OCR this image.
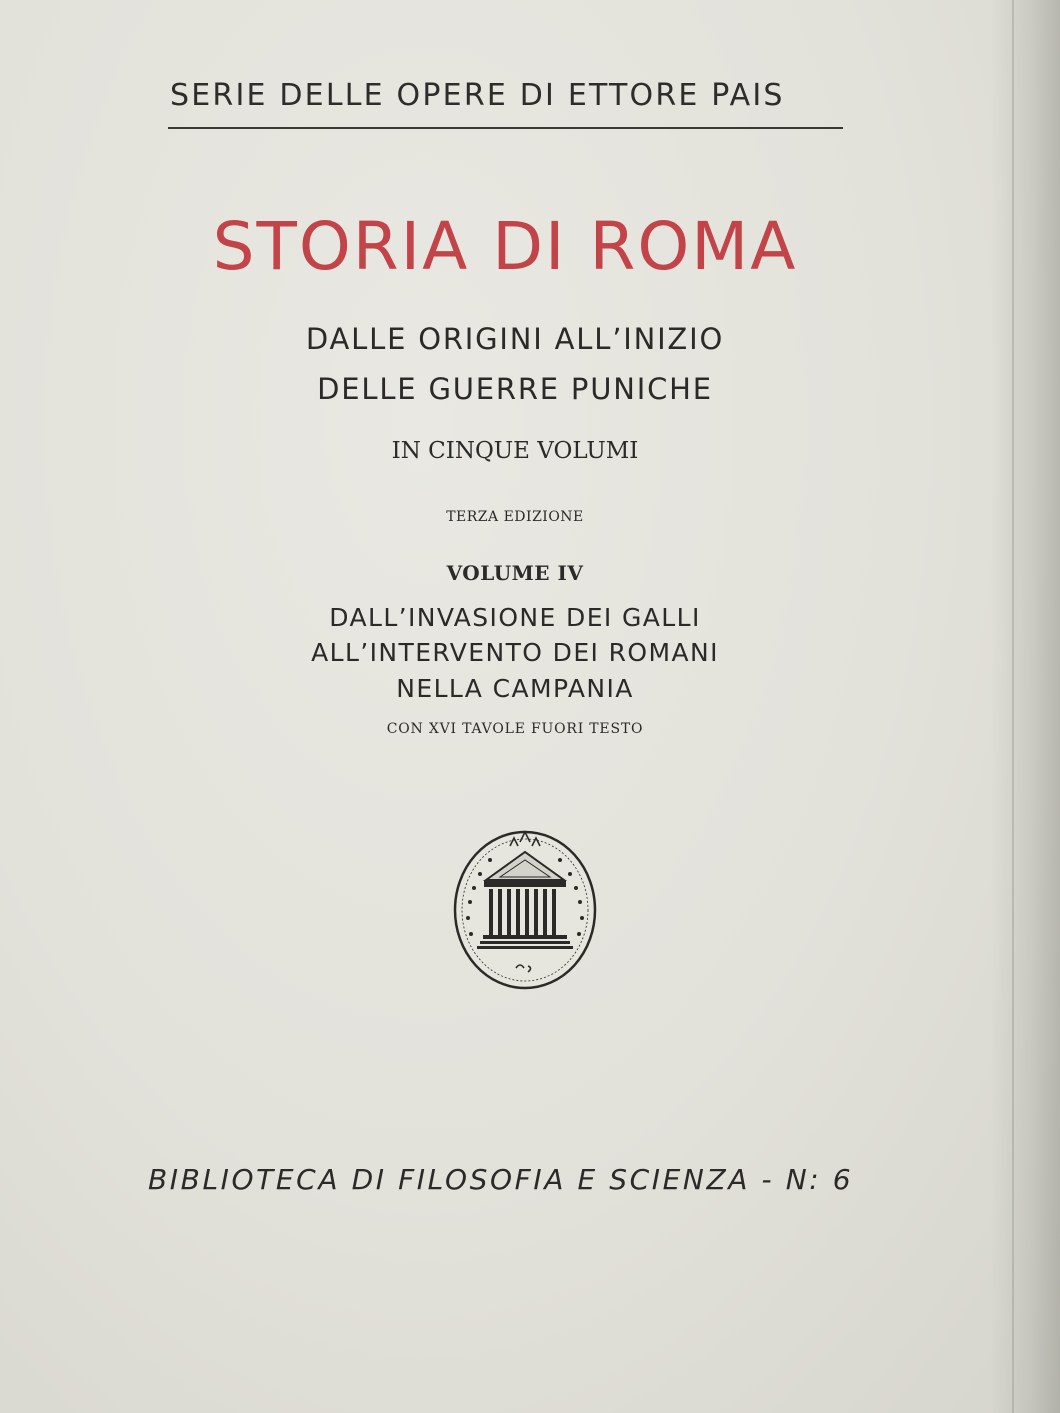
SERIE DELLE OPERE DI ETTORE PAIS
STORIA DI ROMA
DALLE ORIGINI ALL’INIZIO
DELLE GUERRE PUNICHE
IN CINQUE VOLUMI
TERZA EDIZIONE
VOLUME IV
DALL’INVASIONE DEI GALLI
ALL’INTERVENTO DEI ROMANI
NELLA CAMPANIA
CON XVI TAVOLE FUORI TESTO
BIBLIOTECA DI FILOSOFIA E SCIENZA - N: 6
